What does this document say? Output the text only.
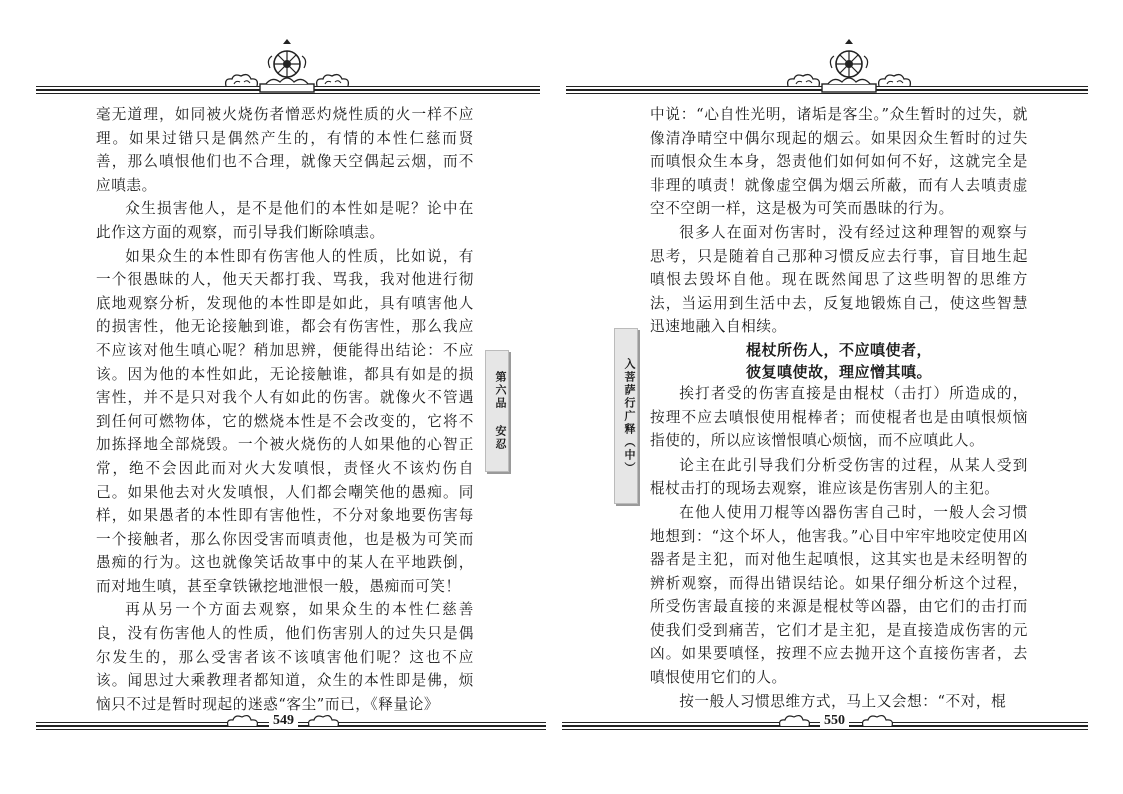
毫无道理，如同被火烧伤者憎恶灼烧性质的火一样不应理。如果过错只是偶然产生的，有情的本性仁慈而贤善，那么嗔恨他们也不合理，就像天空偶起云烟，而不应嗔恚。

众生损害他人，是不是他们的本性如是呢？论中在此作这方面的观察，而引导我们断除嗔恚。

如果众生的本性即有伤害他人的性质，比如说，有一个很愚昧的人，他天天都打我、骂我，我对他进行彻底地观察分析，发现他的本性即是如此，具有嗔害他人的损害性，他无论接触到谁，都会有伤害性，那么我应不应该对他生嗔心呢？稍加思辨，便能得出结论：不应该。因为他的本性如此，无论接触谁，都具有如是的损害性，并不是只对我个人有如此的伤害。就像火不管遇到任何可燃物体，它的燃烧本性是不会改变的，它将不加拣择地全部烧毁。一个被火烧伤的人如果他的心智正常，绝不会因此而对火大发嗔恨，责怪火不该灼伤自己。如果他去对火发嗔恨，人们都会嘲笑他的愚痴。同样，如果愚者的本性即有害他性，不分对象地要伤害每一个接触者，那么你因受害而嗔责他，也是极为可笑而愚痴的行为。这也就像笑话故事中的某人在平地跌倒，而对地生嗔，甚至拿铁锹挖地泄恨一般，愚痴而可笑！

再从另一个方面去观察，如果众生的本性仁慈善良，没有伤害他人的性质，他们伤害别人的过失只是偶尔发生的，那么受害者该不该嗔害他们呢？这也不应该。闻思过大乘教理者都知道，众生的本性即是佛，烦恼只不过是暂时现起的迷惑“客尘”而已，《释量论》

第六品 安忍
549
入菩萨行广释（中）

中说：“心自性光明，诸垢是客尘。”众生暂时的过失，就像清净晴空中偶尔现起的烟云。如果因众生暂时的过失而嗔恨众生本身，怨责他们如何如何不好，这就完全是非理的嗔责！就像虚空偶为烟云所蔽，而有人去嗔责虚空不空朗一样，这是极为可笑而愚昧的行为。

很多人在面对伤害时，没有经过这种理智的观察与思考，只是随着自己那种习惯反应去行事，盲目地生起嗔恨去毁坏自他。现在既然闻思了这些明智的思维方法，当运用到生活中去，反复地锻炼自己，使这些智慧迅速地融入自相续。

棍杖所伤人，不应嗔使者，
彼复嗔使故，理应憎其嗔。

挨打者受的伤害直接是由棍杖（击打）所造成的，按理不应去嗔恨使用棍棒者；而使棍者也是由嗔恨烦恼指使的，所以应该憎恨嗔心烦恼，而不应嗔此人。

论主在此引导我们分析受伤害的过程，从某人受到棍杖击打的现场去观察，谁应该是伤害别人的主犯。

在他人使用刀棍等凶器伤害自己时，一般人会习惯地想到：“这个坏人，他害我。”心目中牢牢地咬定使用凶器者是主犯，而对他生起嗔恨，这其实也是未经明智的辨析观察，而得出错误结论。如果仔细分析这个过程，所受伤害最直接的来源是棍杖等凶器，由它们的击打而使我们受到痛苦，它们才是主犯，是直接造成伤害的元凶。如果要嗔怪，按理不应去抛开这个直接伤害者，去嗔恨使用它们的人。

按一般人习惯思维方式，马上又会想：“不对，棍

550
